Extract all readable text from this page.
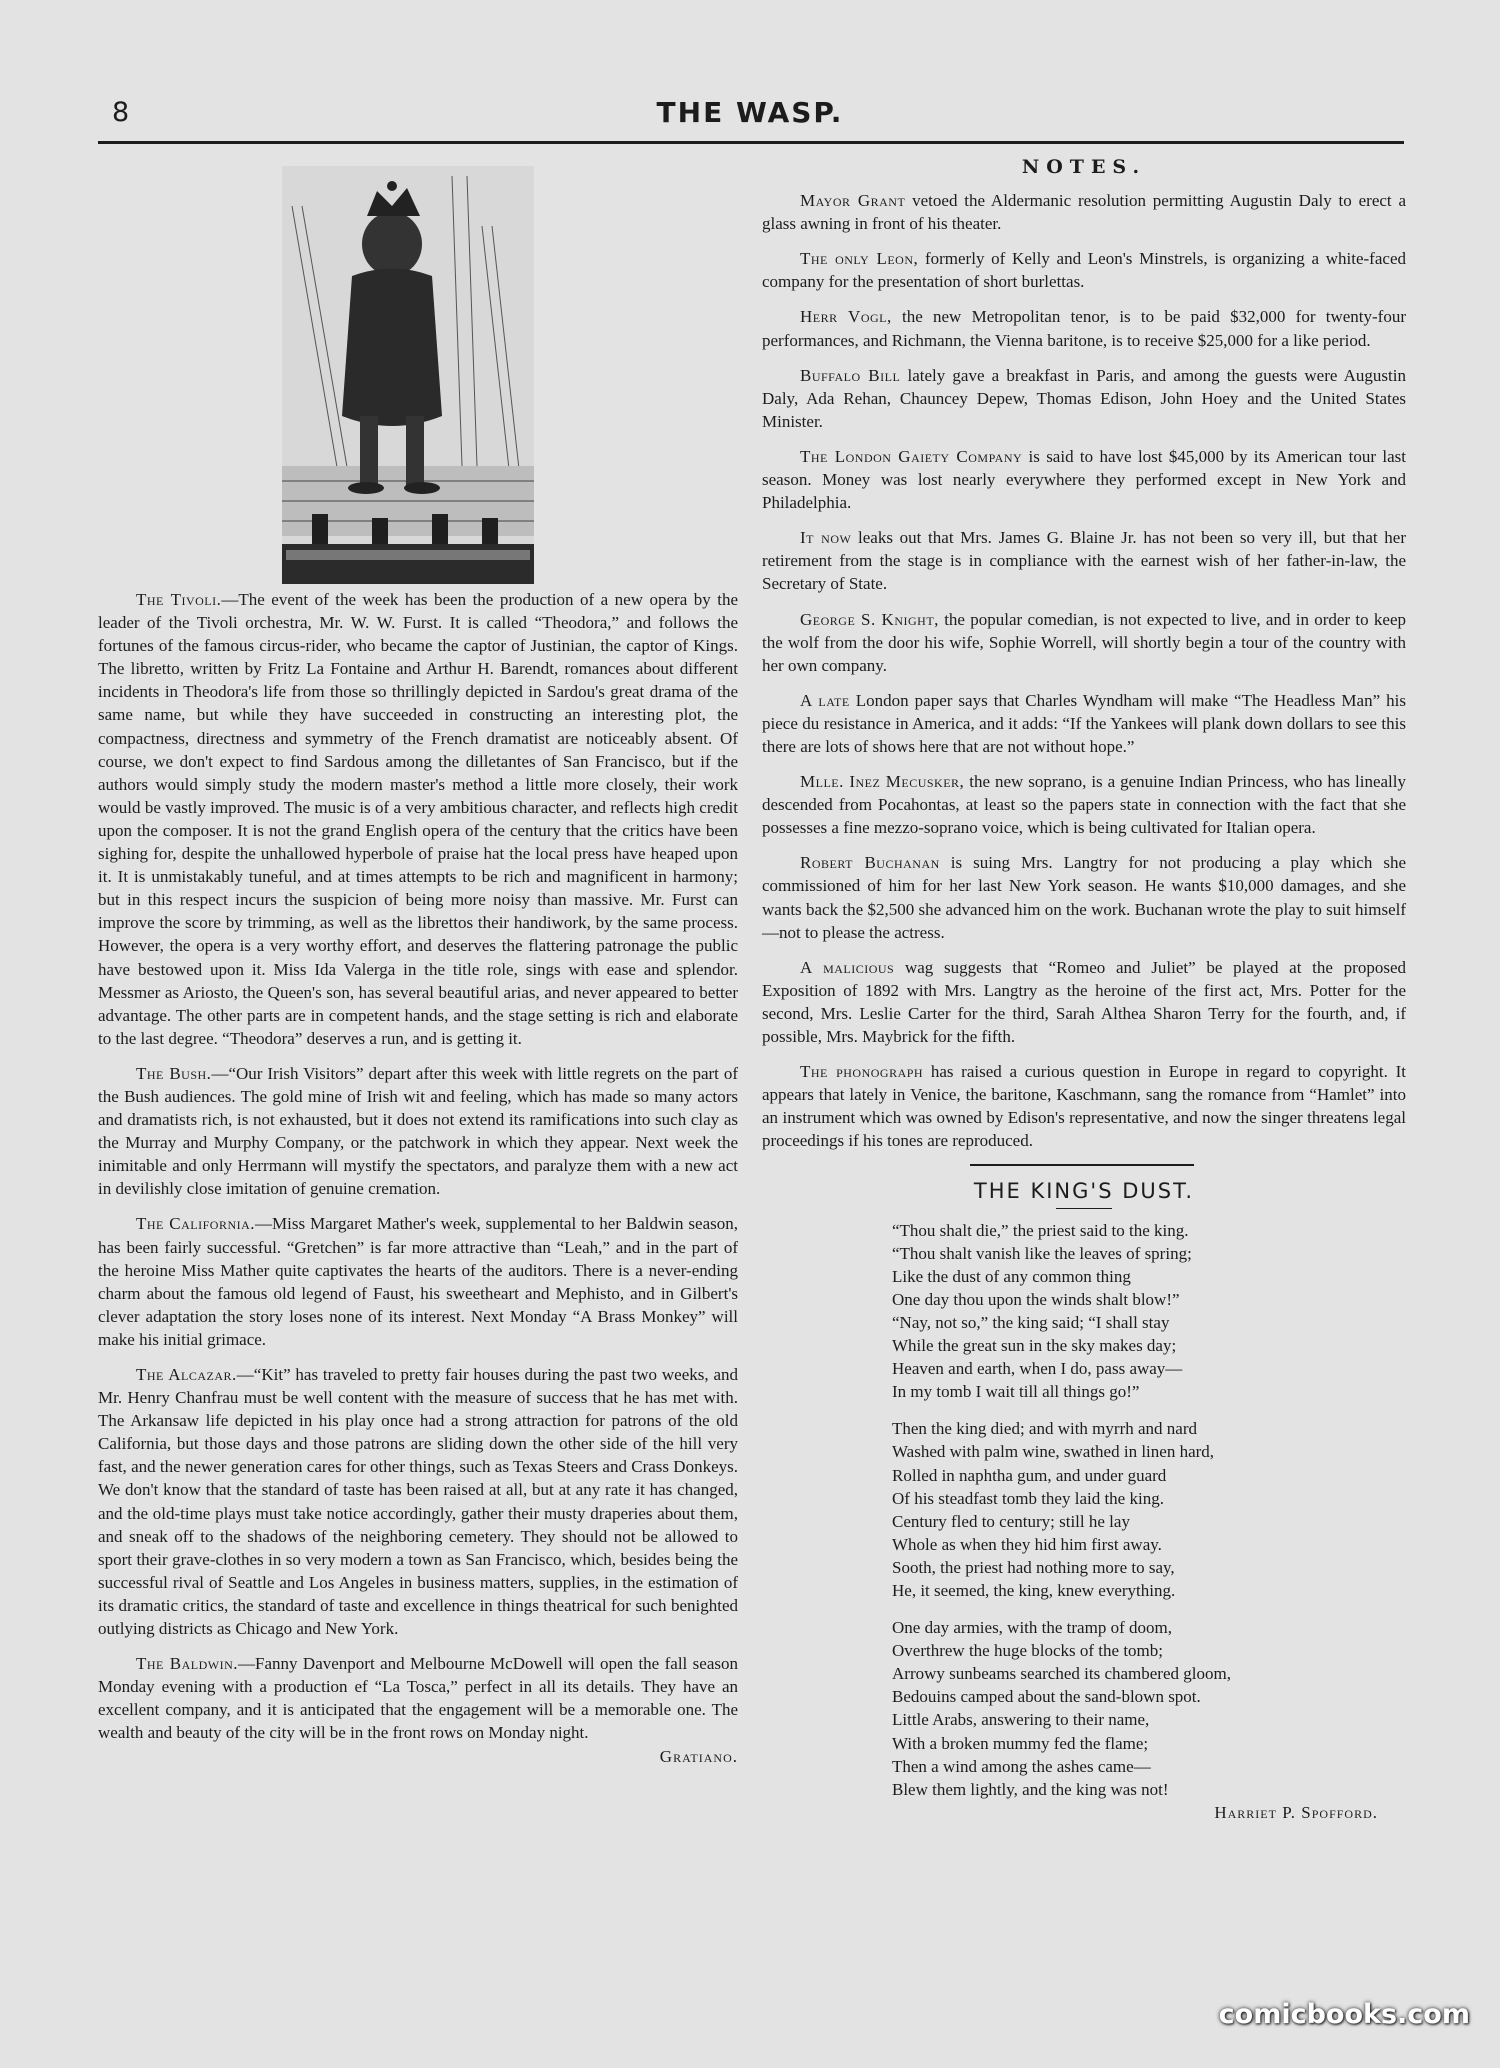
8	THE WASP.

The Tivoli.—The event of the week has been the production of a new opera by the leader of the Tivoli orchestra, Mr. W. W. Furst. It is called “Theodora,” and follows the fortunes of the famous circus-rider, who became the captor of Justinian, the captor of Kings. The libretto, written by Fritz La Fontaine and Arthur H. Barendt, romances about different incidents in Theodora's life from those so thrillingly depicted in Sardou's great drama of the same name, but while they have succeeded in constructing an interesting plot, the compactness, directness and symmetry of the French dramatist are noticeably absent. Of course, we don't expect to find Sardous among the dilletantes of San Francisco, but if the authors would simply study the modern master's method a little more closely, their work would be vastly improved. The music is of a very ambitious character, and reflects high credit upon the composer. It is not the grand English opera of the century that the critics have been sighing for, despite the unhallowed hyperbole of praise hat the local press have heaped upon it. It is unmistakably tuneful, and at times attempts to be rich and magnificent in harmony; but in this respect incurs the suspicion of being more noisy than massive. Mr. Furst can improve the score by trimming, as well as the librettos their handiwork, by the same process. However, the opera is a very worthy effort, and deserves the flattering patronage the public have bestowed upon it. Miss Ida Valerga in the title role, sings with ease and splendor. Messmer as Ariosto, the Queen's son, has several beautiful arias, and never appeared to better advantage. The other parts are in competent hands, and the stage setting is rich and elaborate to the last degree. “Theodora” deserves a run, and is getting it.

The Bush.—“Our Irish Visitors” depart after this week with little regrets on the part of the Bush audiences. The gold mine of Irish wit and feeling, which has made so many actors and dramatists rich, is not exhausted, but it does not extend its ramifications into such clay as the Murray and Murphy Company, or the patchwork in which they appear. Next week the inimitable and only Herrmann will mystify the spectators, and paralyze them with a new act in devilishly close imitation of genuine cremation.

The California.—Miss Margaret Mather's week, supplemental to her Baldwin season, has been fairly successful. “Gretchen” is far more attractive than “Leah,” and in the part of the heroine Miss Mather quite captivates the hearts of the auditors. There is a never-ending charm about the famous old legend of Faust, his sweetheart and Mephisto, and in Gilbert's clever adaptation the story loses none of its interest. Next Monday “A Brass Monkey” will make his initial grimace.

The Alcazar.—“Kit” has traveled to pretty fair houses during the past two weeks, and Mr. Henry Chanfrau must be well content with the measure of success that he has met with. The Arkansaw life depicted in his play once had a strong attraction for patrons of the old California, but those days and those patrons are sliding down the other side of the hill very fast, and the newer generation cares for other things, such as Texas Steers and Crass Donkeys. We don't know that the standard of taste has been raised at all, but at any rate it has changed, and the old-time plays must take notice accordingly, gather their musty draperies about them, and sneak off to the shadows of the neighboring cemetery. They should not be allowed to sport their grave-clothes in so very modern a town as San Francisco, which, besides being the successful rival of Seattle and Los Angeles in business matters, supplies, in the estimation of its dramatic critics, the standard of taste and excellence in things theatrical for such benighted outlying districts as Chicago and New York.

The Baldwin.—Fanny Davenport and Melbourne McDowell will open the fall season Monday evening with a production ef “La Tosca,” perfect in all its details. They have an excellent company, and it is anticipated that the engagement will be a memorable one. The wealth and beauty of the city will be in the front rows on Monday night.

Gratiano.
NOTES.

Mayor Grant vetoed the Aldermanic resolution permitting Augustin Daly to erect a glass awning in front of his theater.

The only Leon, formerly of Kelly and Leon's Minstrels, is organizing a white-faced company for the presentation of short burlettas.

Herr Vogl, the new Metropolitan tenor, is to be paid $32,000 for twenty-four performances, and Richmann, the Vienna baritone, is to receive $25,000 for a like period.

Buffalo Bill lately gave a breakfast in Paris, and among the guests were Augustin Daly, Ada Rehan, Chauncey Depew, Thomas Edison, John Hoey and the United States Minister.

The London Gaiety Company is said to have lost $45,000 by its American tour last season. Money was lost nearly everywhere they performed except in New York and Philadelphia.

It now leaks out that Mrs. James G. Blaine Jr. has not been so very ill, but that her retirement from the stage is in compliance with the earnest wish of her father-in-law, the Secretary of State.

George S. Knight, the popular comedian, is not expected to live, and in order to keep the wolf from the door his wife, Sophie Worrell, will shortly begin a tour of the country with her own company.

A late London paper says that Charles Wyndham will make “The Headless Man” his piece du resistance in America, and it adds: “If the Yankees will plank down dollars to see this there are lots of shows here that are not without hope.”

Mlle. Inez Mecusker, the new soprano, is a genuine Indian Princess, who has lineally descended from Pocahontas, at least so the papers state in connection with the fact that she possesses a fine mezzo-soprano voice, which is being cultivated for Italian opera.

Robert Buchanan is suing Mrs. Langtry for not producing a play which she commissioned of him for her last New York season. He wants $10,000 damages, and she wants back the $2,500 she advanced him on the work. Buchanan wrote the play to suit himself—not to please the actress.

A malicious wag suggests that “Romeo and Juliet” be played at the proposed Exposition of 1892 with Mrs. Langtry as the heroine of the first act, Mrs. Potter for the second, Mrs. Leslie Carter for the third, Sarah Althea Sharon Terry for the fourth, and, if possible, Mrs. Maybrick for the fifth.

The phonograph has raised a curious question in Europe in regard to copyright. It appears that lately in Venice, the baritone, Kaschmann, sang the romance from “Hamlet” into an instrument which was owned by Edison's representative, and now the singer threatens legal proceedings if his tones are reproduced.

THE KING'S DUST.
“Thou shalt die,” the priest said to the king.
“Thou shalt vanish like the leaves of spring;
Like the dust of any common thing
One day thou upon the winds shalt blow!”
“Nay, not so,” the king said; “I shall stay
While the great sun in the sky makes day;
Heaven and earth, when I do, pass away—
In my tomb I wait till all things go!”
Then the king died; and with myrrh and nard
Washed with palm wine, swathed in linen hard,
Rolled in naphtha gum, and under guard
Of his steadfast tomb they laid the king.
Century fled to century; still he lay
Whole as when they hid him first away.
Sooth, the priest had nothing more to say,
He, it seemed, the king, knew everything.
One day armies, with the tramp of doom,
Overthrew the huge blocks of the tomb;
Arrowy sunbeams searched its chambered gloom,
Bedouins camped about the sand-blown spot.
Little Arabs, answering to their name,
With a broken mummy fed the flame;
Then a wind among the ashes came—
Blew them lightly, and the king was not!
Harriet P. Spofford.
comicbooks.com
